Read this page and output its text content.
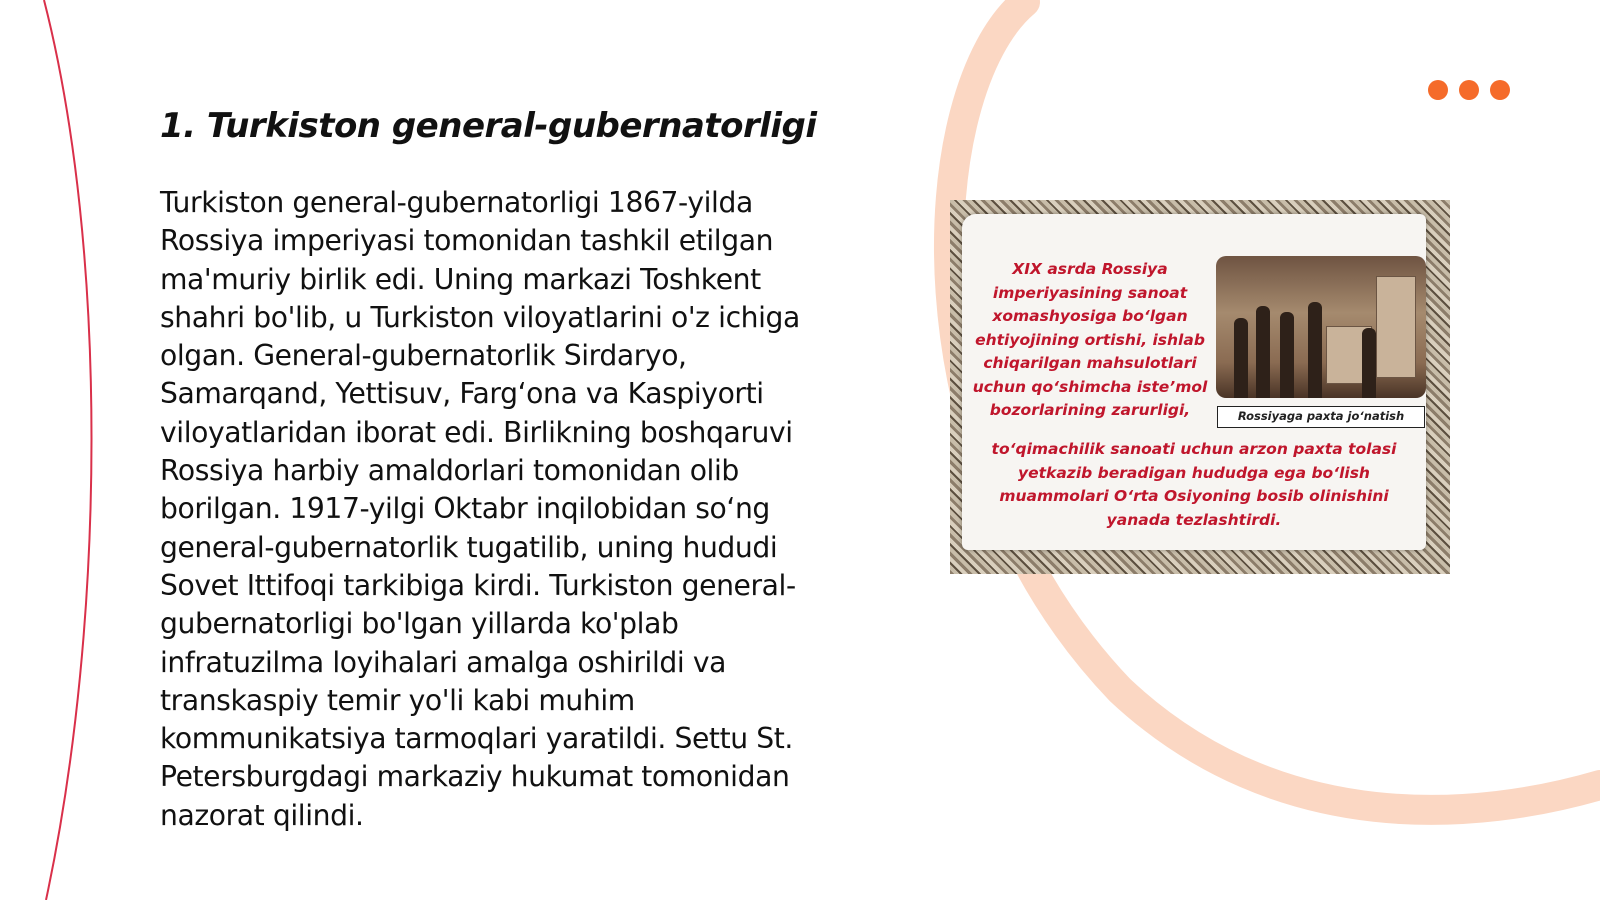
1. Turkiston general-gubernatorligi

Turkiston general-gubernatorligi 1867-yilda Rossiya imperiyasi tomonidan tashkil etilgan ma'muriy birlik edi. Uning markazi Toshkent shahri bo'lib, u Turkiston viloyatlarini o'z ichiga olgan. General-gubernatorlik Sirdaryo, Samarqand, Yettisuv, Farg‘ona va Kaspiyorti viloyatlaridan iborat edi. Birlikning boshqaruvi Rossiya harbiy amaldorlari tomonidan olib borilgan. 1917-yilgi Oktabr inqilobidan so‘ng general-gubernatorlik tugatilib, uning hududi Sovet Ittifoqi tarkibiga kirdi. Turkiston general-gubernatorligi bo'lgan yillarda ko'plab infratuzilma loyihalari amalga oshirildi va transkaspiy temir yo'li kabi muhim kommunikatsiya tarmoqlari yaratildi. Settu St. Petersburgdagi markaziy hukumat tomonidan nazorat qilindi.

XIX asrda Rossiya imperiyasining sanoat xomashyosiga bo‘lgan ehtiyojining ortishi, ishlab chiqarilgan mahsulotlari uchun qo‘shimcha iste’mol bozorlarining zarurligi,	Rossiyaga paxta jo‘natish

to‘qimachilik sanoati uchun arzon paxta tolasi yetkazib beradigan hududga ega bo‘lish muammolari O‘rta Osiyoning bosib olinishini yanada tezlashtirdi.
